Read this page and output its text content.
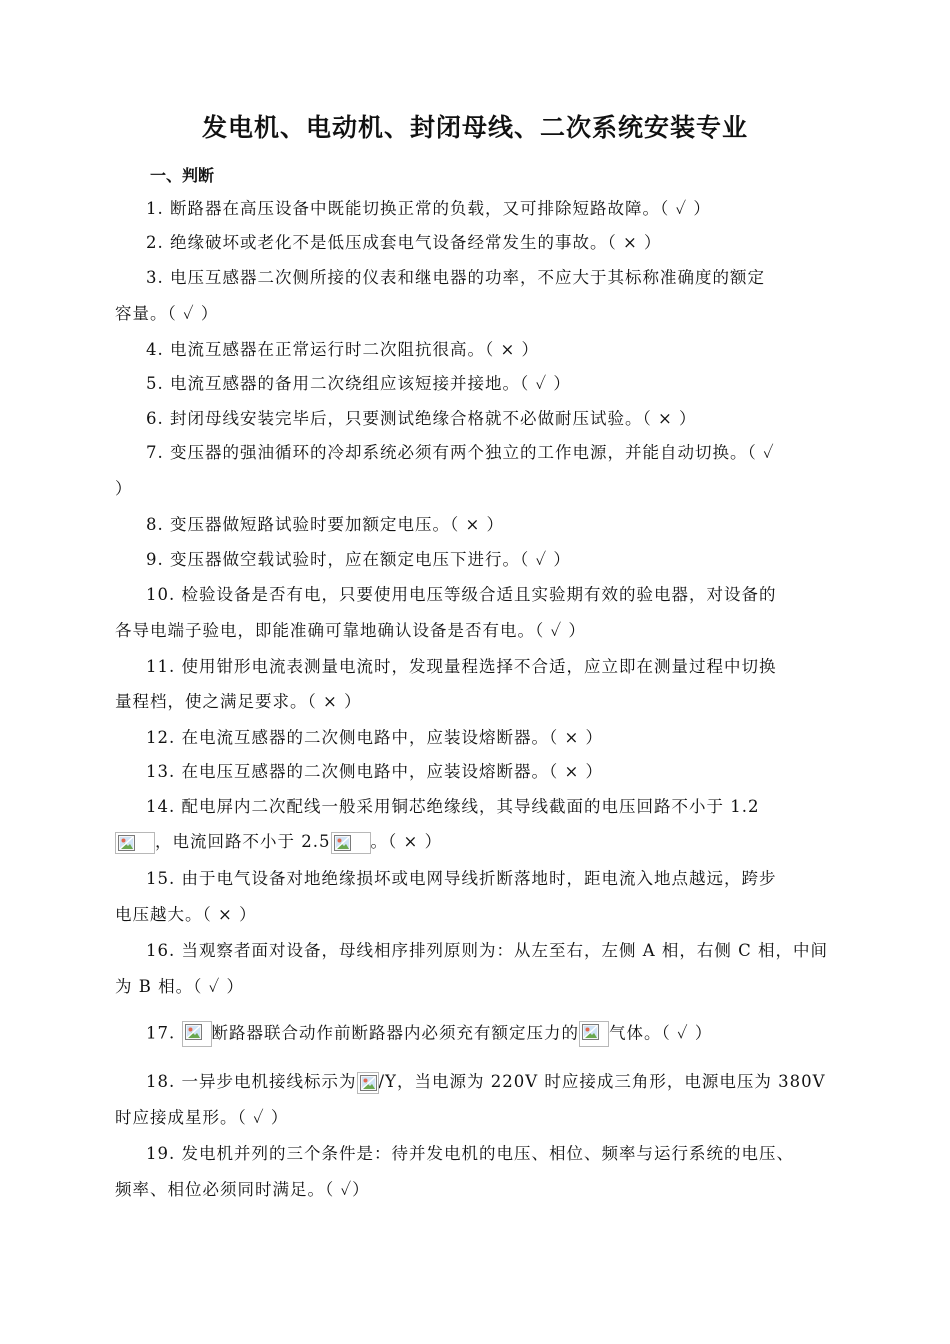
发电机、电动机、封闭母线、二次系统安装专业
一、判断
1. 断路器在高压设备中既能切换正常的负载，又可排除短路故障。（ ✓ ）
2. 绝缘破坏或老化不是低压成套电气设备经常发生的事故。（ × ）
3. 电压互感器二次侧所接的仪表和继电器的功率，不应大于其标称准确度的额定
容量。（ ✓ ）
4. 电流互感器在正常运行时二次阻抗很高。（ × ）
5. 电流互感器的备用二次绕组应该短接并接地。（ ✓ ）
6. 封闭母线安装完毕后，只要测试绝缘合格就不必做耐压试验。（ × ）
7. 变压器的强油循环的冷却系统必须有两个独立的工作电源，并能自动切换。（ ✓
）
8. 变压器做短路试验时要加额定电压。（ × ）
9. 变压器做空载试验时，应在额定电压下进行。（ ✓ ）
10. 检验设备是否有电，只要使用电压等级合适且实验期有效的验电器，对设备的
各导电端子验电，即能准确可靠地确认设备是否有电。（ ✓ ）
11. 使用钳形电流表测量电流时，发现量程选择不合适，应立即在测量过程中切换
量程档，使之满足要求。（ × ）
12. 在电流互感器的二次侧电路中，应装设熔断器。（ × ）
13. 在电压互感器的二次侧电路中，应装设熔断器。（ × ）
14. 配电屏内二次配线一般采用铜芯绝缘线，其导线截面的电压回路不小于 1.2
，电流回路不小于 2.5 。（ × ）
15. 由于电气设备对地绝缘损坏或电网导线折断落地时，距电流入地点越远，跨步
电压越大。（ × ）
16. 当观察者面对设备，母线相序排列原则为：从左至右，左侧 A 相，右侧 C 相，中间
为 B 相。（ ✓ ）
17.
断路器联合动作前断路器内必须充有额定压力的 气体。（ ✓ ）
18. 一异步电机接线标示为 /Y，当电源为 220V 时应接成三角形，电源电压为 380V
时应接成星形。（ ✓ ）
19. 发电机并列的三个条件是：待并发电机的电压、相位、频率与运行系统的电压、
频率、相位必须同时满足。（ ✓）
